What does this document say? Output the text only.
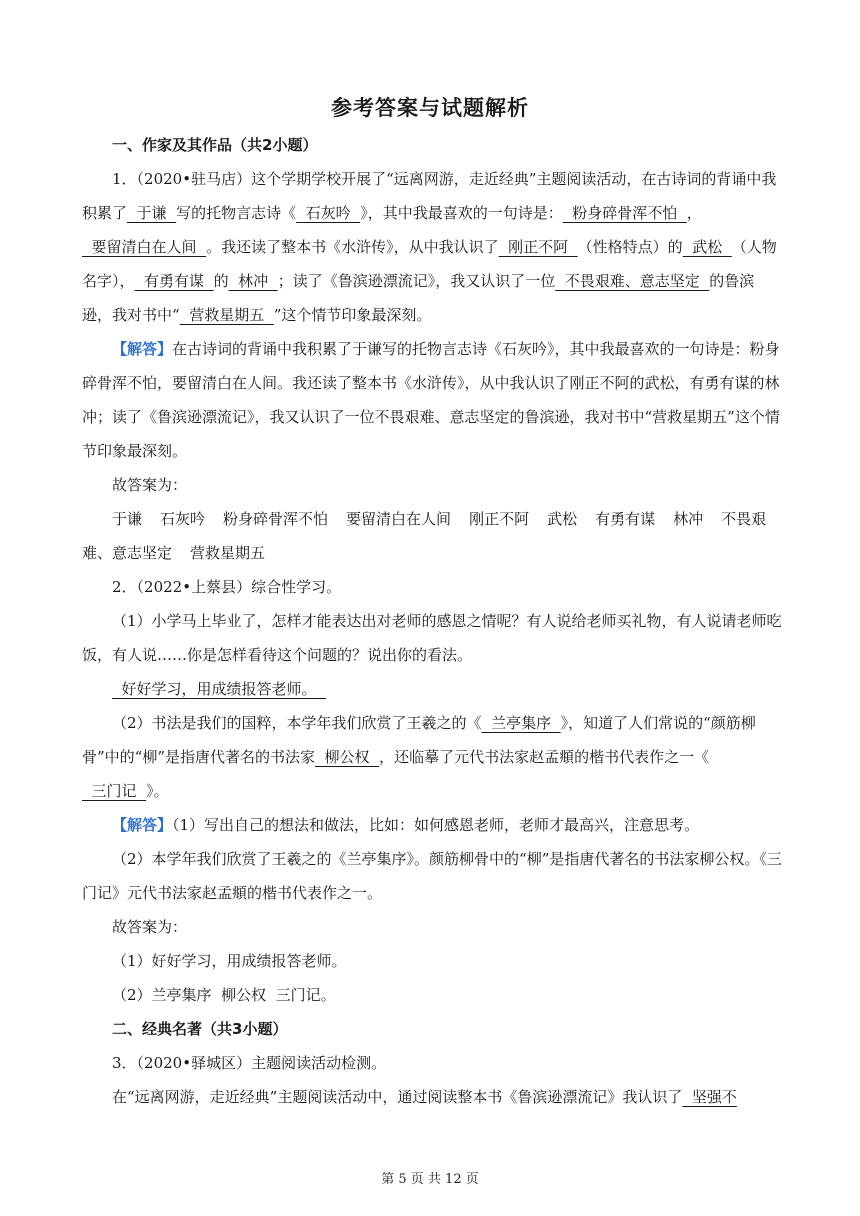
参考答案与试题解析
一、作家及其作品（共2小题）
1．（2020•驻马店）这个学期学校开展了“远离网游，走近经典”主题阅读活动，在古诗词的背诵中我积累了  于谦  写的托物言志诗《  石灰吟  》，其中我最喜欢的一句诗是：  粉身碎骨浑不怕  ，  要留清白在人间  。我还读了整本书《水浒传》，从中我认识了  刚正不阿  （性格特点）的  武松  （人物名字），  有勇有谋  的  林冲  ；读了《鲁滨逊漂流记》，我又认识了一位  不畏艰难、意志坚定  的鲁滨逊，我对书中“  营救星期五  ”这个情节印象最深刻。
【解答】在古诗词的背诵中我积累了于谦写的托物言志诗《石灰吟》，其中我最喜欢的一句诗是：粉身碎骨浑不怕，要留清白在人间。我还读了整本书《水浒传》，从中我认识了刚正不阿的武松，有勇有谋的林冲；读了《鲁滨逊漂流记》，我又认识了一位不畏艰难、意志坚定的鲁滨逊，我对书中“营救星期五”这个情节印象最深刻。
故答案为：
于谦 石灰吟 粉身碎骨浑不怕 要留清白在人间 刚正不阿 武松 有勇有谋 林冲 不畏艰难、意志坚定 营救星期五
2．（2022•上蔡县）综合性学习。
（1）小学马上毕业了，怎样才能表达出对老师的感恩之情呢？有人说给老师买礼物，有人说请老师吃饭，有人说……你是怎样看待这个问题的？说出你的看法。
好好学习，用成绩报答老师。
（2）书法是我们的国粹，本学年我们欣赏了王羲之的《  兰亭集序  》，知道了人们常说的“颜筋柳骨”中的“柳”是指唐代著名的书法家  柳公权  ，还临摹了元代书法家赵孟頫的楷书代表作之一《  三门记  》。
【解答】（1）写出自己的想法和做法，比如：如何感恩老师，老师才最高兴，注意思考。
（2）本学年我们欣赏了王羲之的《兰亭集序》。颜筋柳骨中的“柳”是指唐代著名的书法家柳公权。《三门记》元代书法家赵孟頫的楷书代表作之一。
故答案为：
（1）好好学习，用成绩报答老师。
（2）兰亭集序  柳公权  三门记。
二、经典名著（共3小题）
3．（2020•驿城区）主题阅读活动检测。
在“远离网游，走近经典”主题阅读活动中，通过阅读整本书《鲁滨逊漂流记》我认识了  坚强不
第 5 页 共 12 页
